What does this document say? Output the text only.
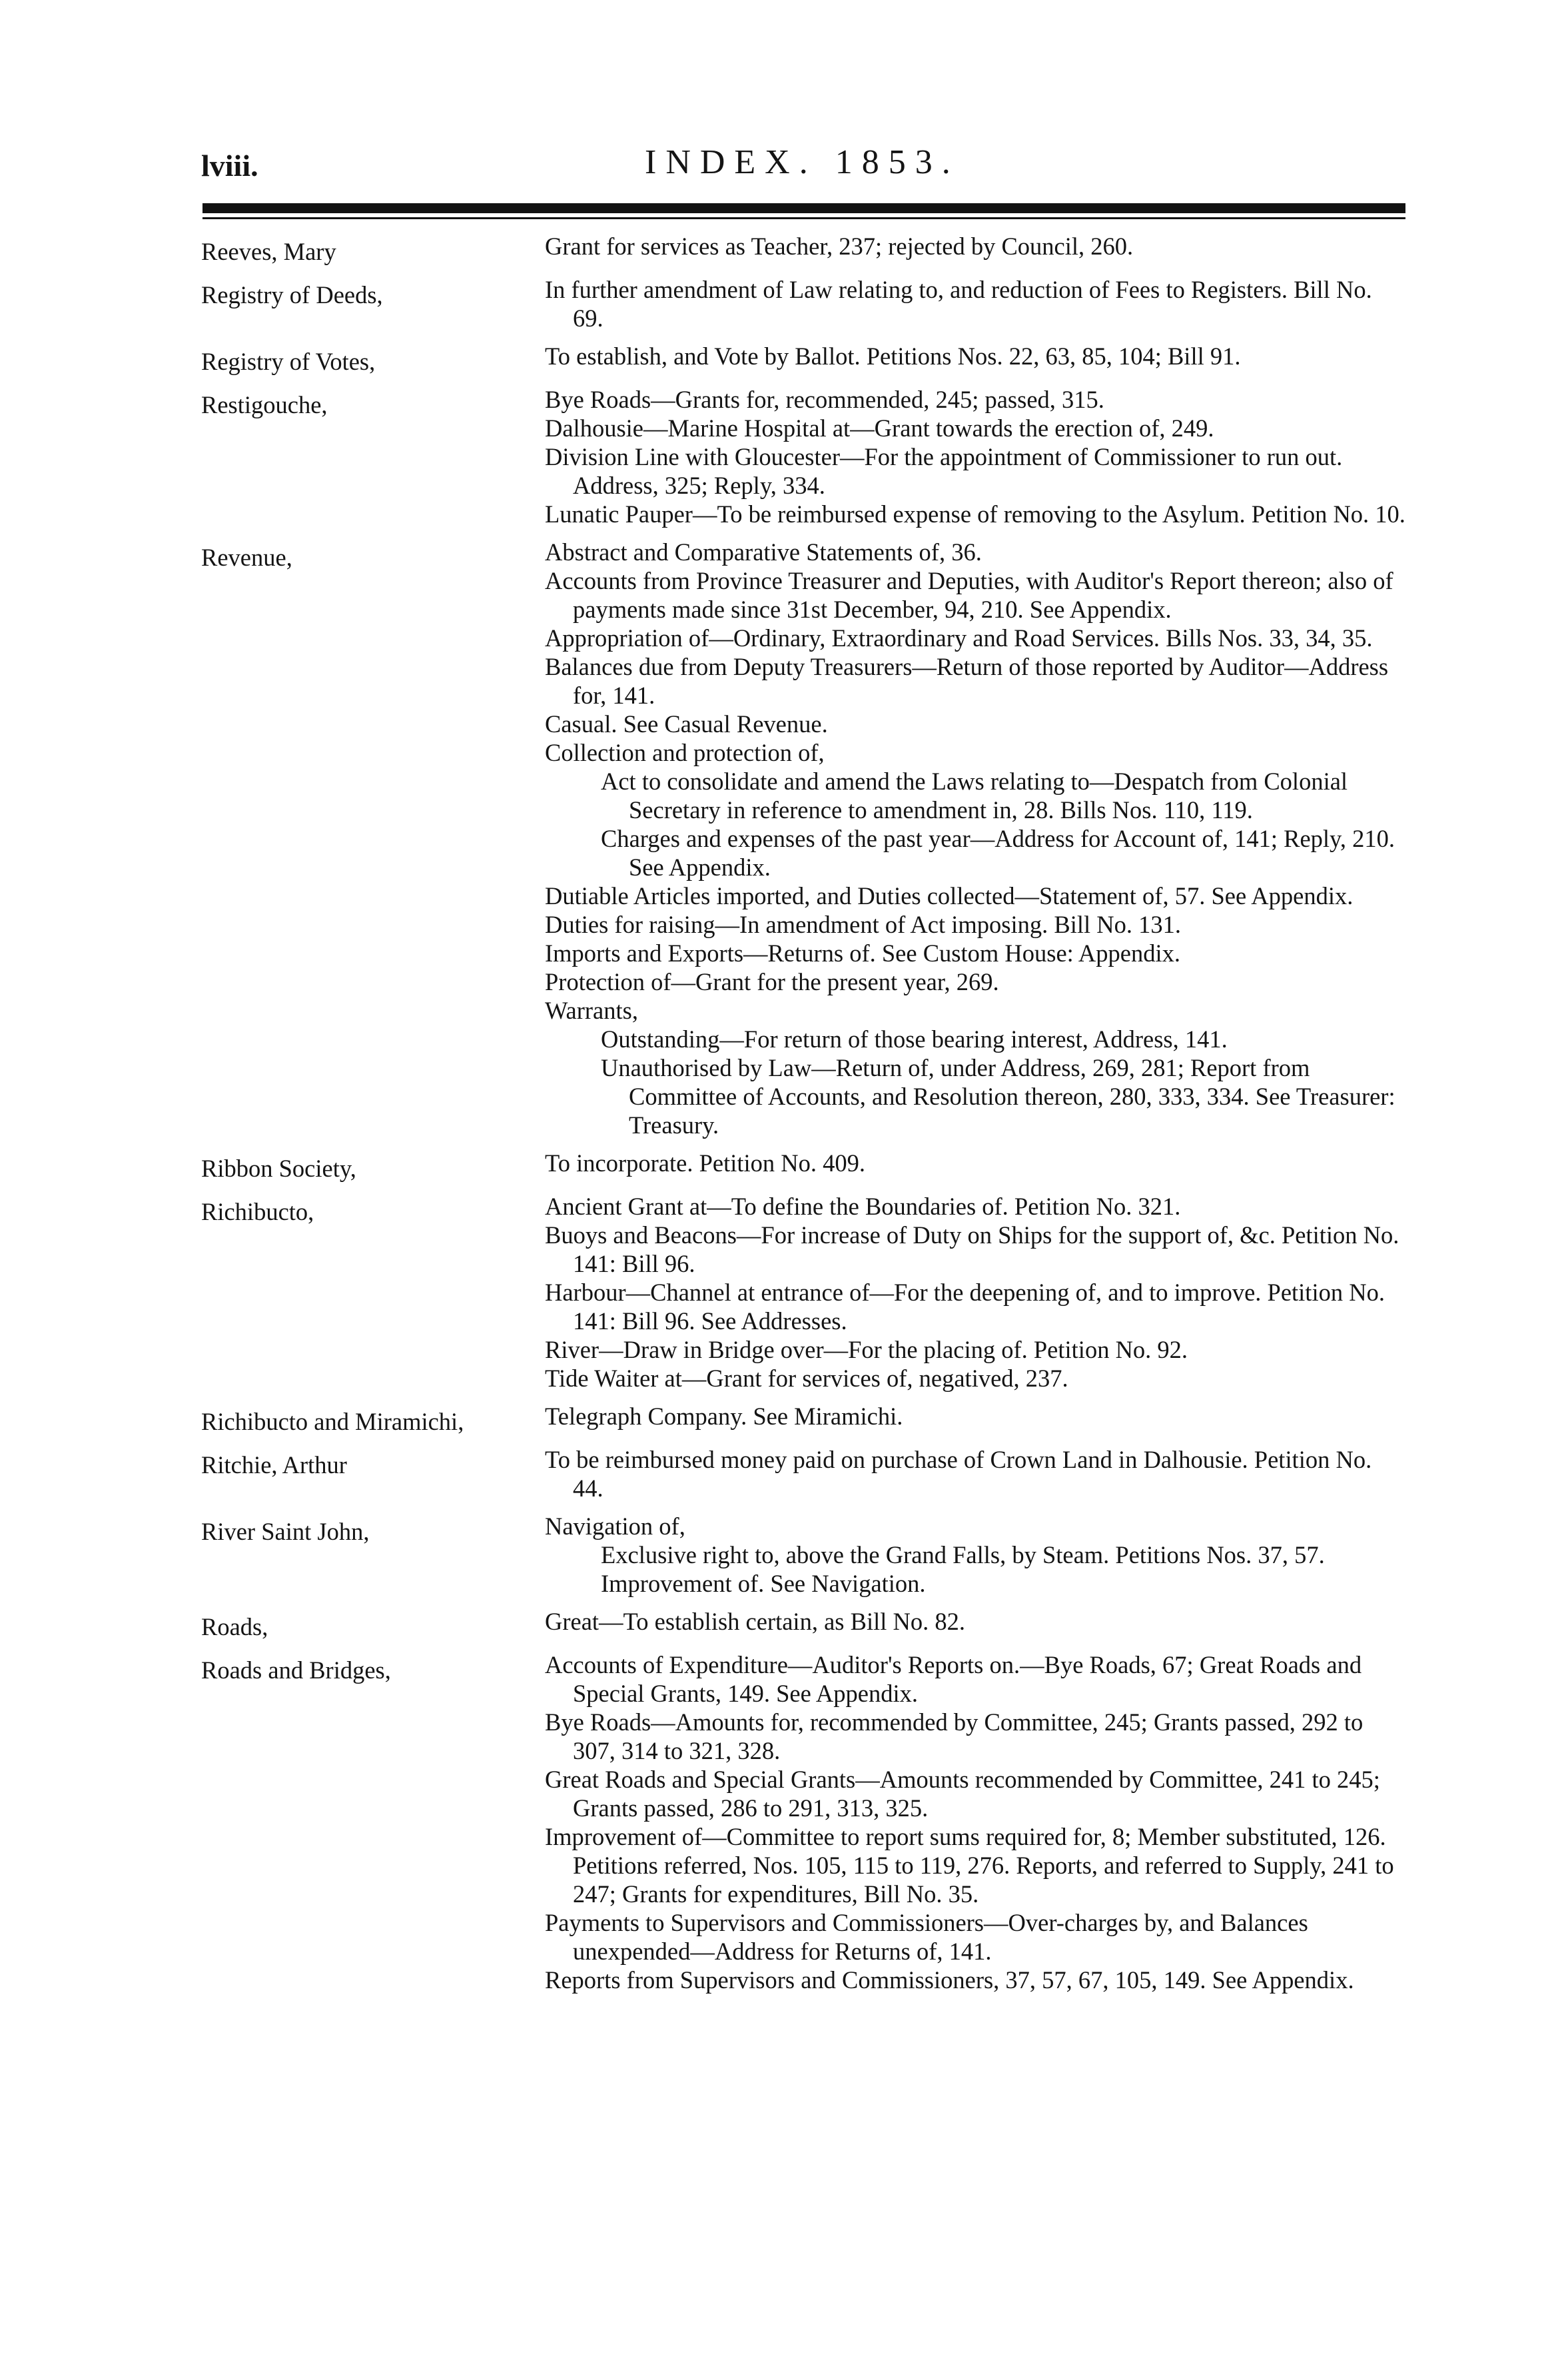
lviii.	INDEX. 1853.
Reeves, Mary	Grant for services as Teacher, 237; rejected by Council, 260.
Registry of Deeds,	In further amendment of Law relating to, and reduction of Fees to Registers. Bill No. 69.
Registry of Votes,	To establish, and Vote by Ballot. Petitions Nos. 22, 63, 85, 104; Bill 91.
Restigouche,	Bye Roads—Grants for, recommended, 245; passed, 315.
Dalhousie—Marine Hospital at—Grant towards the erection of, 249.
Division Line with Gloucester—For the appointment of Commissioner to run out. Address, 325; Reply, 334.
Lunatic Pauper—To be reimbursed expense of removing to the Asylum. Petition No. 10.
Revenue,	Abstract and Comparative Statements of, 36.
Accounts from Province Treasurer and Deputies, with Auditor's Report thereon; also of payments made since 31st December, 94, 210. See Appendix.
Appropriation of—Ordinary, Extraordinary and Road Services. Bills Nos. 33, 34, 35.
Balances due from Deputy Treasurers—Return of those reported by Auditor—Address for, 141.
Casual. See Casual Revenue.
Collection and protection of,
Act to consolidate and amend the Laws relating to—Despatch from Colonial Secretary in reference to amendment in, 28. Bills Nos. 110, 119.
Charges and expenses of the past year—Address for Account of, 141; Reply, 210. See Appendix.
Dutiable Articles imported, and Duties collected—Statement of, 57. See Appendix.
Duties for raising—In amendment of Act imposing. Bill No. 131.
Imports and Exports—Returns of. See Custom House: Appendix.
Protection of—Grant for the present year, 269.
Warrants,
Outstanding—For return of those bearing interest, Address, 141.
Unauthorised by Law—Return of, under Address, 269, 281; Report from Committee of Accounts, and Resolution thereon, 280, 333, 334. See Treasurer: Treasury.
Ribbon Society,	To incorporate. Petition No. 409.
Richibucto,	Ancient Grant at—To define the Boundaries of. Petition No. 321.
Buoys and Beacons—For increase of Duty on Ships for the support of, &c. Petition No. 141: Bill 96.
Harbour—Channel at entrance of—For the deepening of, and to improve. Petition No. 141: Bill 96. See Addresses.
River—Draw in Bridge over—For the placing of. Petition No. 92.
Tide Waiter at—Grant for services of, negatived, 237.
Richibucto and Miramichi,	Telegraph Company. See Miramichi.
Ritchie, Arthur	To be reimbursed money paid on purchase of Crown Land in Dalhousie. Petition No. 44.
River Saint John,	Navigation of,
Exclusive right to, above the Grand Falls, by Steam. Petitions Nos. 37, 57.
Improvement of. See Navigation.
Roads,	Great—To establish certain, as Bill No. 82.
Roads and Bridges,	Accounts of Expenditure—Auditor's Reports on.—Bye Roads, 67; Great Roads and Special Grants, 149. See Appendix.
Bye Roads—Amounts for, recommended by Committee, 245; Grants passed, 292 to 307, 314 to 321, 328.
Great Roads and Special Grants—Amounts recommended by Committee, 241 to 245; Grants passed, 286 to 291, 313, 325.
Improvement of—Committee to report sums required for, 8; Member substituted, 126. Petitions referred, Nos. 105, 115 to 119, 276. Reports, and referred to Supply, 241 to 247; Grants for expenditures, Bill No. 35.
Payments to Supervisors and Commissioners—Over-charges by, and Balances unexpended—Address for Returns of, 141.
Reports from Supervisors and Commissioners, 37, 57, 67, 105, 149. See Appendix.
